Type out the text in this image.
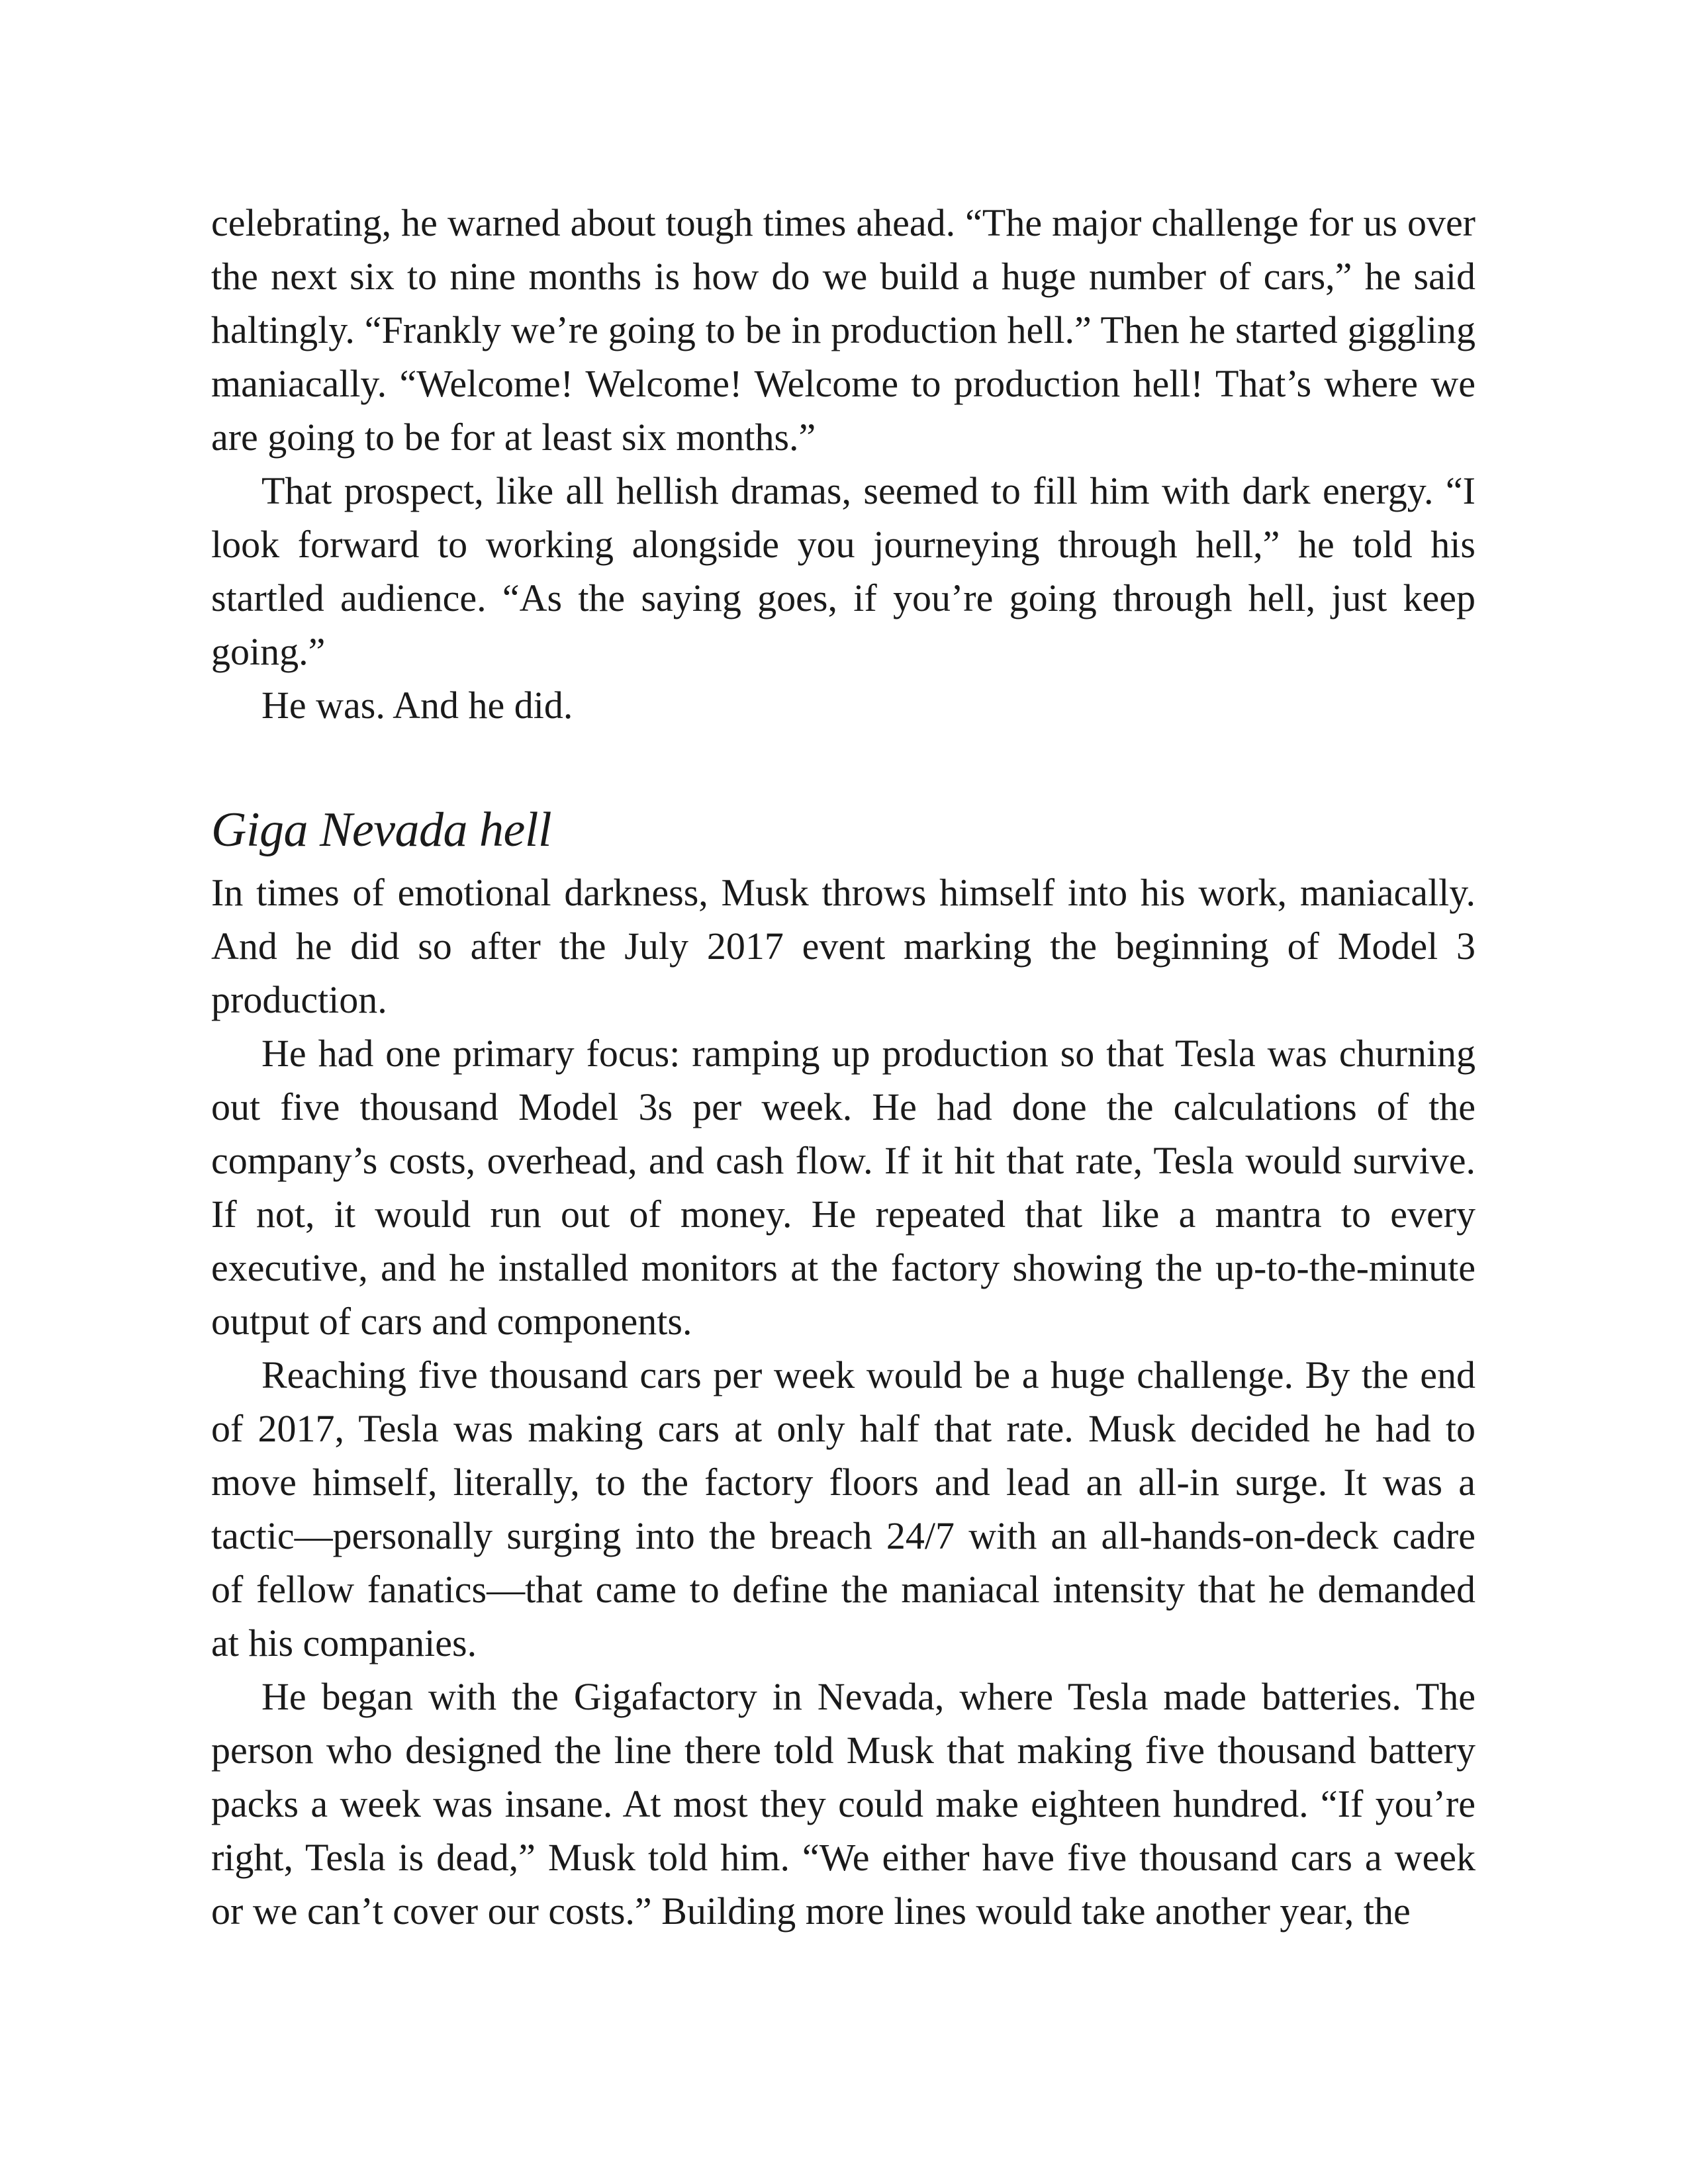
celebrating, he warned about tough times ahead. “The major challenge for us over the next six to nine months is how do we build a huge number of cars,” he said haltingly. “Frankly we’re going to be in production hell.” Then he started giggling maniacally. “Welcome! Welcome! Welcome to production hell! That’s where we are going to be for at least six months.”

That prospect, like all hellish dramas, seemed to fill him with dark energy. “I look forward to working alongside you journeying through hell,” he told his startled audience. “As the saying goes, if you’re going through hell, just keep going.”

He was. And he did.

Giga Nevada hell

In times of emotional darkness, Musk throws himself into his work, maniacally. And he did so after the July 2017 event marking the beginning of Model 3 production.

He had one primary focus: ramping up production so that Tesla was churning out five thousand Model 3s per week. He had done the calculations of the company’s costs, overhead, and cash flow. If it hit that rate, Tesla would survive. If not, it would run out of money. He repeated that like a mantra to every executive, and he installed monitors at the factory showing the up-to-the-minute output of cars and components.

Reaching five thousand cars per week would be a huge challenge. By the end of 2017, Tesla was making cars at only half that rate. Musk decided he had to move himself, literally, to the factory floors and lead an all-in surge. It was a tactic—personally surging into the breach 24/7 with an all-hands-on-deck cadre of fellow fanatics—that came to define the maniacal intensity that he demanded at his companies.

He began with the Gigafactory in Nevada, where Tesla made batteries. The person who designed the line there told Musk that making five thousand battery packs a week was insane. At most they could make eighteen hundred. “If you’re right, Tesla is dead,” Musk told him. “We either have five thousand cars a week or we can’t cover our costs.” Building more lines would take another year, the
